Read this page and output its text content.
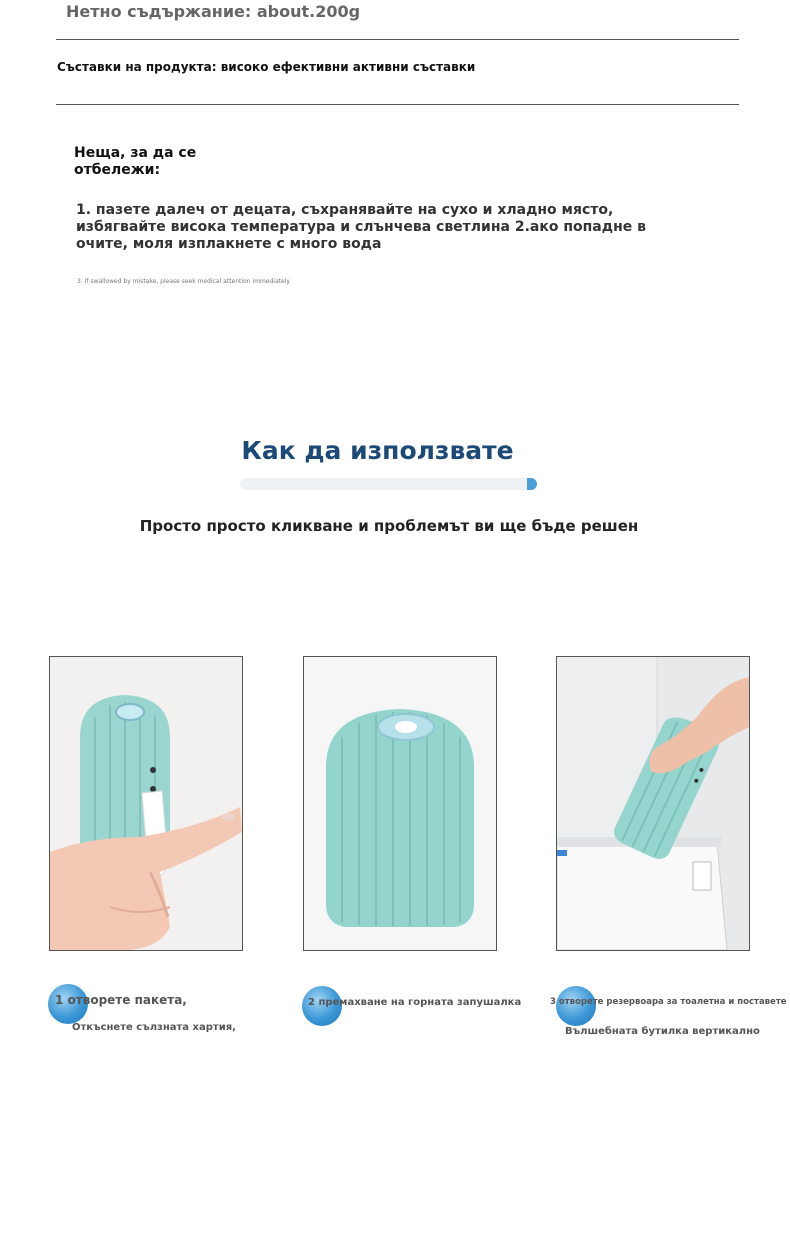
Нетно съдържание: about.200g
Съставки на продукта: високо ефективни активни съставки
Неща, за да се отбележи:
1. пазете далеч от децата, съхранявайте на сухо и хладно място, избягвайте висока температура и слънчева светлина 2.ако попадне в очите, моля изплакнете с много вода
3. If swallowed by mistake, please seek medical attention immediately
Как да използвате
Просто просто кликване и проблемът ви ще бъде решен
1 отворете пакета,
Откъснете сълзната хартия,
2 премахване на горната запушалка	3 отворете резервоара за тоалетна и поставете
Вълшебната бутилка вертикално
